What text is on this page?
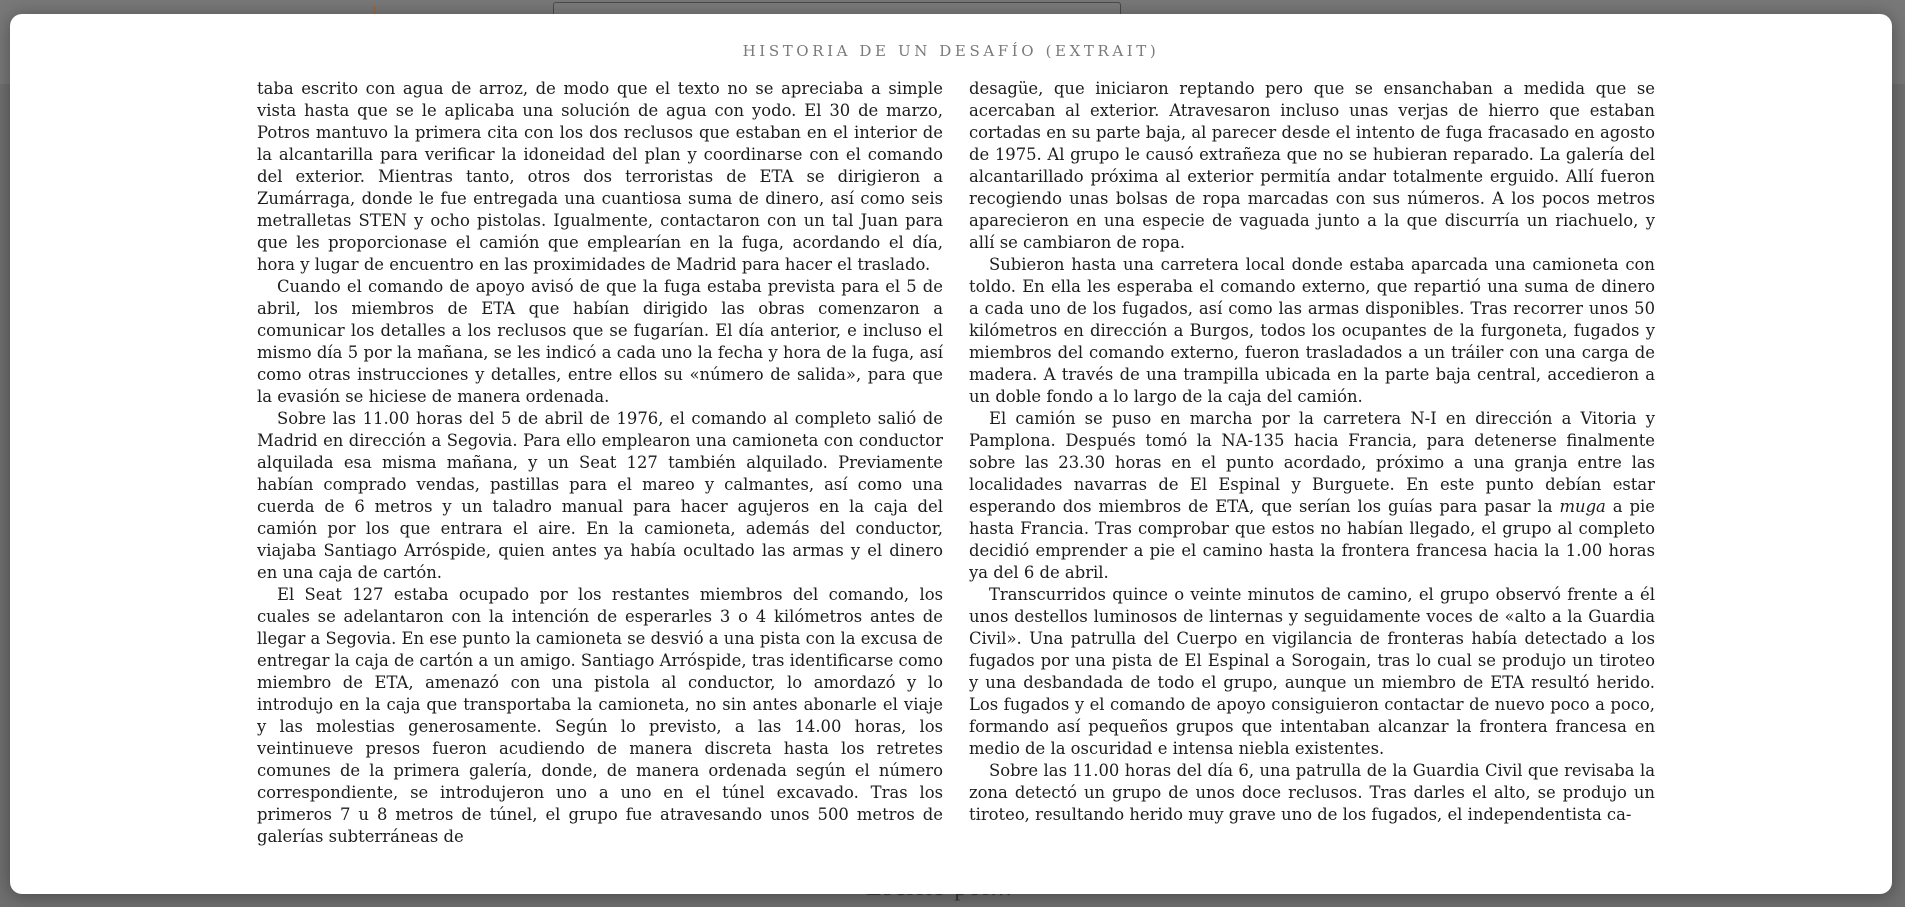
HISTORIA DE UN DESAFÍO (EXTRAIT)

taba escrito con agua de arroz, de modo que el texto no se apreciaba a simple vista hasta que se le aplicaba una solución de agua con yodo. El 30 de marzo, Potros mantuvo la primera cita con los dos reclusos que estaban en el interior de la alcantarilla para verificar la idoneidad del plan y coordinarse con el comando del exterior. Mientras tanto, otros dos terroristas de ETA se dirigieron a Zumárraga, donde le fue entregada una cuantiosa suma de dinero, así como seis metralletas STEN y ocho pistolas. Igualmente, contactaron con un tal Juan para que les proporcionase el camión que emplearían en la fuga, acordando el día, hora y lugar de encuentro en las proximidades de Madrid para hacer el traslado.

Cuando el comando de apoyo avisó de que la fuga estaba prevista para el 5 de abril, los miembros de ETA que habían dirigido las obras comenzaron a comunicar los detalles a los reclusos que se fugarían. El día anterior, e incluso el mismo día 5 por la mañana, se les indicó a cada uno la fecha y hora de la fuga, así como otras instrucciones y detalles, entre ellos su «número de salida», para que la evasión se hiciese de manera ordenada.

Sobre las 11.00 horas del 5 de abril de 1976, el comando al completo salió de Madrid en dirección a Segovia. Para ello emplearon una camioneta con conductor alquilada esa misma mañana, y un Seat 127 también alquilado. Previamente habían comprado vendas, pastillas para el mareo y calmantes, así como una cuerda de 6 metros y un taladro manual para hacer agujeros en la caja del camión por los que entrara el aire. En la camioneta, además del conductor, viajaba Santiago Arróspide, quien antes ya había ocultado las armas y el dinero en una caja de cartón.

El Seat 127 estaba ocupado por los restantes miembros del comando, los cuales se adelantaron con la intención de esperarles 3 o 4 kilómetros antes de llegar a Segovia. En ese punto la camioneta se desvió a una pista con la excusa de entregar la caja de cartón a un amigo. Santiago Arróspide, tras identificarse como miembro de ETA, amenazó con una pistola al conductor, lo amordazó y lo introdujo en la caja que transportaba la camioneta, no sin antes abonarle el viaje y las molestias generosamente. Según lo previsto, a las 14.00 horas, los veintinueve presos fueron acudiendo de manera discreta hasta los retretes comunes de la primera galería, donde, de manera ordenada según el número correspondiente, se introdujeron uno a uno en el túnel excavado. Tras los primeros 7 u 8 metros de túnel, el grupo fue atravesando unos 500 metros de galerías subterráneas de

desagüe, que iniciaron reptando pero que se ensanchaban a medida que se acercaban al exterior. Atravesaron incluso unas verjas de hierro que estaban cortadas en su parte baja, al parecer desde el intento de fuga fracasado en agosto de 1975. Al grupo le causó extrañeza que no se hubieran reparado. La galería del alcantarillado próxima al exterior permitía andar totalmente erguido. Allí fueron recogiendo unas bolsas de ropa marcadas con sus números. A los pocos metros aparecieron en una especie de vaguada junto a la que discurría un riachuelo, y allí se cambiaron de ropa.

Subieron hasta una carretera local donde estaba aparcada una camioneta con toldo. En ella les esperaba el comando externo, que repartió una suma de dinero a cada uno de los fugados, así como las armas disponibles. Tras recorrer unos 50 kilómetros en dirección a Burgos, todos los ocupantes de la furgoneta, fugados y miembros del comando externo, fueron trasladados a un tráiler con una carga de madera. A través de una trampilla ubicada en la parte baja central, accedieron a un doble fondo a lo largo de la caja del camión.

El camión se puso en marcha por la carretera N-I en dirección a Vitoria y Pamplona. Después tomó la NA-135 hacia Francia, para detenerse finalmente sobre las 23.30 horas en el punto acordado, próximo a una granja entre las localidades navarras de El Espinal y Burguete. En este punto debían estar esperando dos miembros de ETA, que serían los guías para pasar la muga a pie hasta Francia. Tras comprobar que estos no habían llegado, el grupo al completo decidió emprender a pie el camino hasta la frontera francesa hacia la 1.00 horas ya del 6 de abril.

Transcurridos quince o veinte minutos de camino, el grupo observó frente a él unos destellos luminosos de linternas y seguidamente voces de «alto a la Guardia Civil». Una patrulla del Cuerpo en vigilancia de fronteras había detectado a los fugados por una pista de El Espinal a Sorogain, tras lo cual se produjo un tiroteo y una desbandada de todo el grupo, aunque un miembro de ETA resultó herido. Los fugados y el comando de apoyo consiguieron contactar de nuevo poco a poco, formando así pequeños grupos que intentaban alcanzar la frontera francesa en medio de la oscuridad e intensa niebla existentes.

Sobre las 11.00 horas del día 6, una patrulla de la Guardia Civil que revisaba la zona detectó un grupo de unos doce reclusos. Tras darles el alto, se produjo un tiroteo, resultando herido muy grave uno de los fugados, el independentista ca-
